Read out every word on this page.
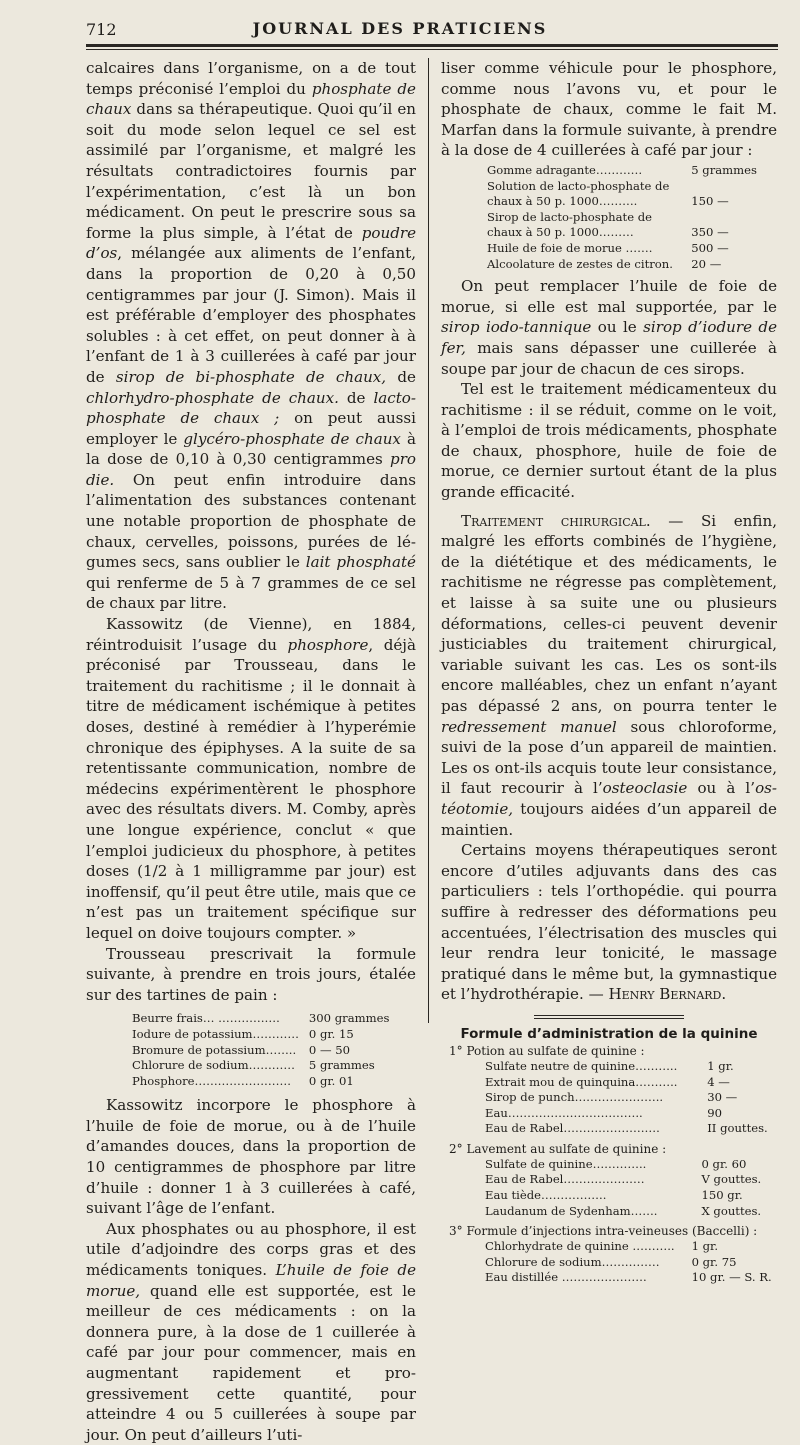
712	JOURNAL DES PRATICIENS

calcaires dans l’organisme, on a de tout temps préconisé l’emploi du phosphate de chaux dans sa thérapeutique. Quoi qu’il en soit du mode selon lequel ce sel est assimilé par l’organisme, et malgré les résultats contradictoires fournis par l’expérimentation, c’est là un bon médicament. On peut le prescrire sous sa forme la plus simple, à l’état de poudre d’os, mélangée aux aliments de l’enfant, dans la proportion de 0,20 à 0,50 centigrammes par jour (J. Simon). Mais il est préférable d’employer des phosphates solubles : à cet effet, on peut donner à à l’enfant de 1 à 3 cuillerées à café par jour de sirop de bi-phosphate de chaux, de chlorhydro-phosphate de chaux. de lacto-phosphate de chaux ; on peut aussi employer le glycéro-phosphate de chaux à la dose de 0,10 à 0,30 centigrammes pro die. On peut enfin introduire dans l’alimentation des substances contenant une notable proportion de phosphate de chaux, cervelles, poissons, purées de légumes secs, sans oublier le lait phosphaté qui renferme de 5 à 7 grammes de ce sel de chaux par litre.

Kassowitz (de Vienne), en 1884, réintroduisit l’usage du phosphore, déjà préconisé par Trousseau, dans le traitement du rachitisme ; il le donnait à titre de médicament ischémique à petites doses, destiné à remédier à l’hyperémie chronique des épiphyses. A la suite de sa retentissante communication, nombre de médecins expérimentèrent le phosphore avec des résultats divers. M. Comby, après une longue expérience, conclut « que l’emploi judicieux du phosphore, à petites doses (1/2 à 1 milligramme par jour) est inoffensif, qu’il peut être utile, mais que ce n’est pas un traitement spécifique sur lequel on doive toujours compter. »

Trousseau prescrivait la formule suivante, à prendre en trois jours, étalée sur des tartines de pain :

Beurre frais… …………….	300 grammes
Iodure de potassium…………	0 gr. 15
Bromure de potassium……..	0 — 50
Chlorure de sodium…………	5 grammes
Phosphore…………………….	0 gr. 01

Kassowitz incorpore le phosphore à l’huile de foie de morue, ou à de l’huile d’amandes douces, dans la proportion de 10 centigrammes de phosphore par litre d’huile : donner 1 à 3 cuillerées à café, suivant l’âge de l’enfant.

Aux phosphates ou au phosphore, il est utile d’adjoindre des corps gras et des médicaments toniques. L’huile de foie de morue, quand elle est supportée, est le meilleur de ces médicaments : on la donnera pure, à la dose de 1 cuillerée à café par jour pour commencer, mais en augmentant rapidement et progressivement cette quantité, pour atteindre 4 ou 5 cuillerées à soupe par jour. On peut d’ailleurs l’uti-

liser comme véhicule pour le phosphore, comme nous l’avons vu, et pour le phosphate de chaux, comme le fait M. Marfan dans la formule suivante, à prendre à la dose de 4 cuillerées à café par jour :

Gomme adragante…………	5 grammes
Solution de lacto-phosphate de chaux à 50 p. 1000……….	150 —
Sirop de lacto-phosphate de chaux à 50 p. 1000………	350 —
Huile de foie de morue …….	500 —
Alcoolature de zestes de citron.	20 —

On peut remplacer l’huile de foie de morue, si elle est mal supportée, par le sirop iodo-tannique ou le sirop d’iodure de fer, mais sans dépasser une cuillerée à soupe par jour de chacun de ces sirops.

Tel est le traitement médicamenteux du rachitisme : il se réduit, comme on le voit, à l’emploi de trois médicaments, phosphate de chaux, phosphore, huile de foie de morue, ce dernier surtout étant de la plus grande efficacité.

Traitement chirurgical. — Si enfin, malgré les efforts combinés de l’hygiène, de la diététique et des médicaments, le rachitisme ne régresse pas complètement, et laisse à sa suite une ou plusieurs déformations, celles-ci peuvent devenir justiciables du traitement chirurgical, variable suivant les cas. Les os sont-ils encore malléables, chez un enfant n’ayant pas dépassé 2 ans, on pourra tenter le redressement manuel sous chloroforme, suivi de la pose d’un appareil de maintien. Les os ont-ils acquis toute leur consistance, il faut recourir à l’osteoclasie ou à l’ostéotomie, toujours aidées d’un appareil de maintien.

Certains moyens thérapeutiques seront encore d’utiles adjuvants dans des cas particuliers : tels l’orthopédie. qui pourra suffire à redresser des déformations peu accentuées, l’électrisation des muscles qui leur rendra leur tonicité, le massage pratiqué dans le même but, la gymnastique et l’hydrothérapie. — Henry Bernard.

Formule d’administration de la quinine
1° Potion au sulfate de quinine :
Sulfate neutre de quinine………..	1 gr.
Extrait mou de quinquina………..	4 —
Sirop de punch…………………..	30 —
Eau……………………………..	90
Eau de Rabel…………………….	II gouttes.
2° Lavement au sulfate de quinine :
Sulfate de quinine…………..	0 gr. 60
Eau de Rabel…………………	V gouttes.
Eau tiède……………..	150 gr.
Laudanum de Sydenham…….	X gouttes.
3° Formule d’injections intra-veineuses (Baccelli) :
Chlorhydrate de quinine ………..	1 gr.
Chlorure de sodium……………	0 gr. 75
Eau distillée ………………….	10 gr. — S. R.
